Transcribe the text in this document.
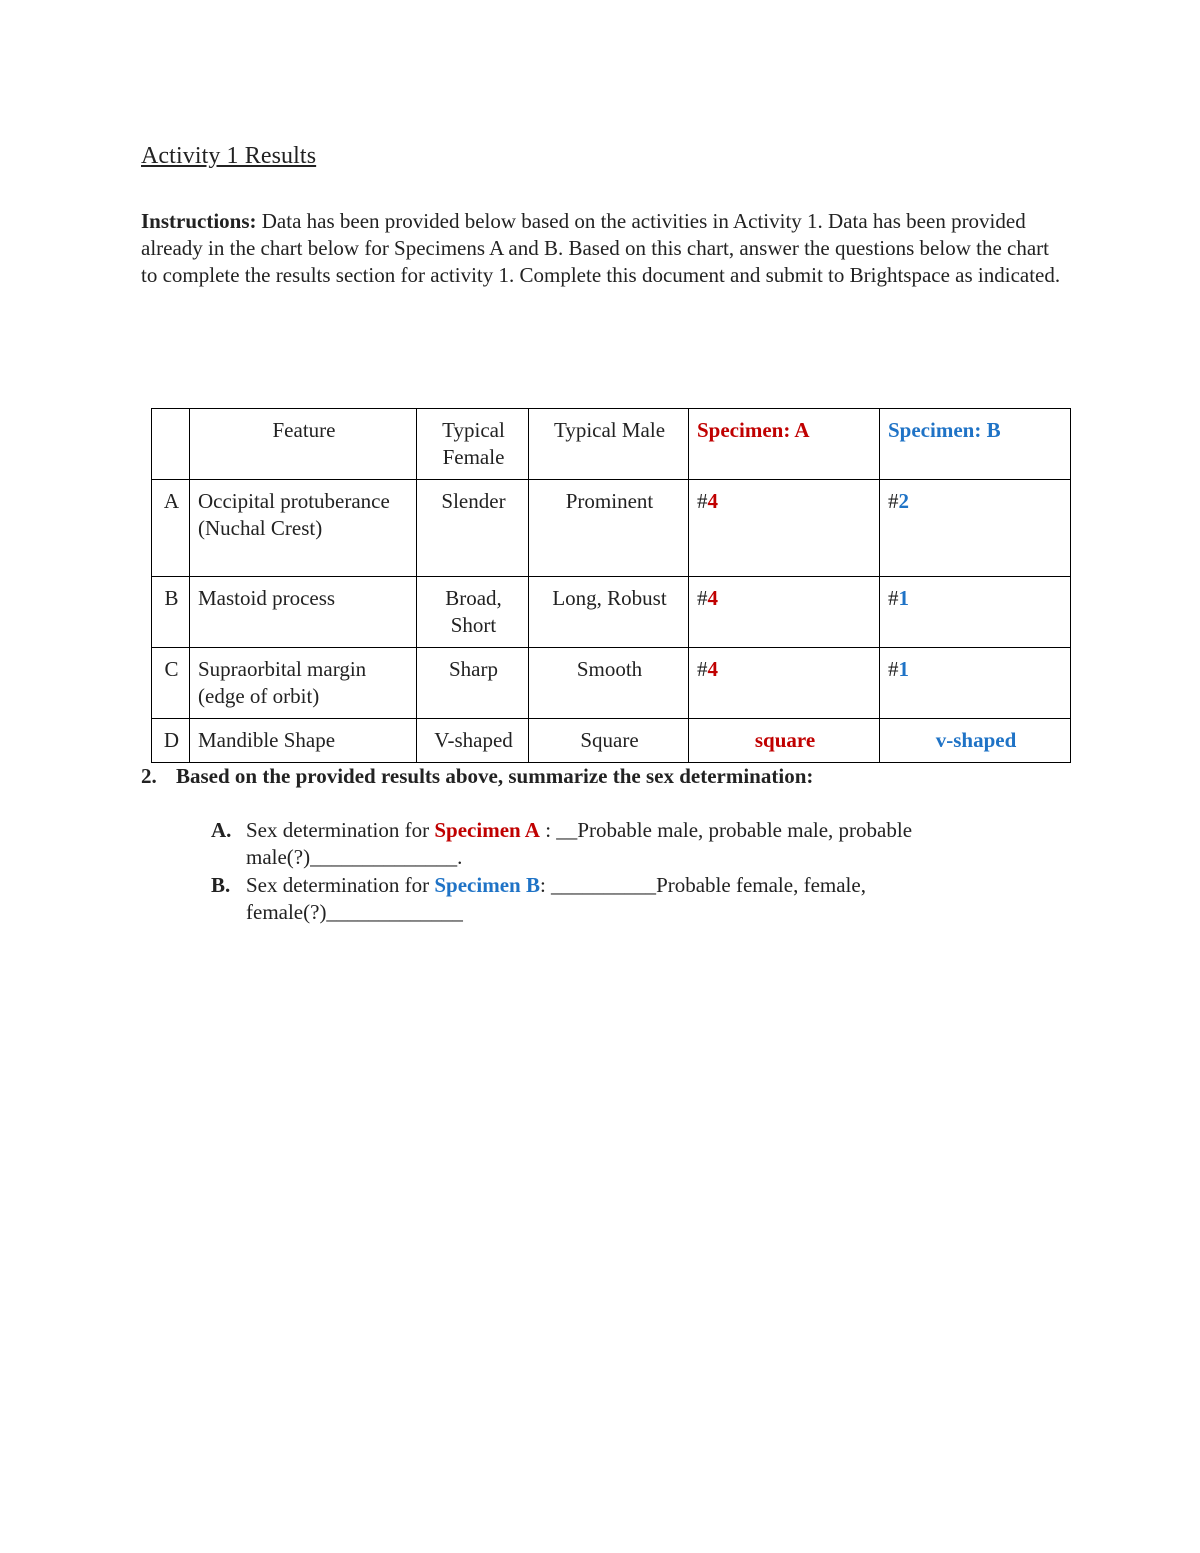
Activity 1 Results

Instructions: Data has been provided below based on the activities in Activity 1. Data has been provided already in the chart below for Specimens A and B. Based on this chart, answer the questions below the chart to complete the results section for activity 1. Complete this document and submit to Brightspace as indicated.

	Feature	Typical Female	Typical Male	Specimen: A	Specimen: B
A	Occipital protuberance (Nuchal Crest)	Slender	Prominent	#4	#2
B	Mastoid process	Broad, Short	Long, Robust	#4	#1
C	Supraorbital margin (edge of orbit)	Sharp	Smooth	#4	#1
D	Mandible Shape	V-shaped	Square	square	v-shaped

2. Based on the provided results above, summarize the sex determination:

A. Sex determination for Specimen A : __Probable male, probable male, probable male(?)______________.
B. Sex determination for Specimen B: __________Probable female, female, female(?)_____________
